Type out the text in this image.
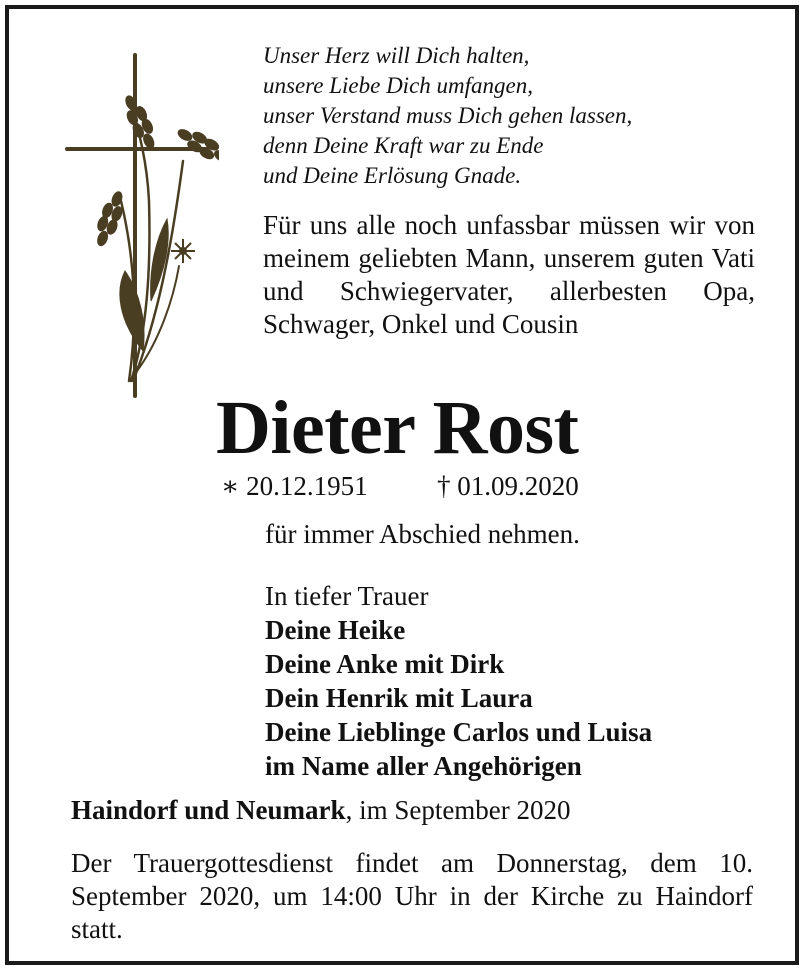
Unser Herz will Dich halten,
unsere Liebe Dich umfangen,
unser Verstand muss Dich gehen lassen,
denn Deine Kraft war zu Ende
und Deine Erlösung Gnade.
Für uns alle noch unfassbar müssen wir von meinem geliebten Mann, unserem guten Vati und Schwiegervater, allerbesten Opa, Schwager, Onkel und Cousin
Dieter Rost
∗ 20.12.1951	† 01.09.2020
für immer Abschied nehmen.
In tiefer Trauer
Deine Heike
Deine Anke mit Dirk
Dein Henrik mit Laura
Deine Lieblinge Carlos und Luisa
im Name aller Angehörigen
Haindorf und Neumark, im September 2020
Der Trauergottesdienst findet am Donnerstag, dem 10. September 2020, um 14:00 Uhr in der Kirche zu Haindorf statt.
